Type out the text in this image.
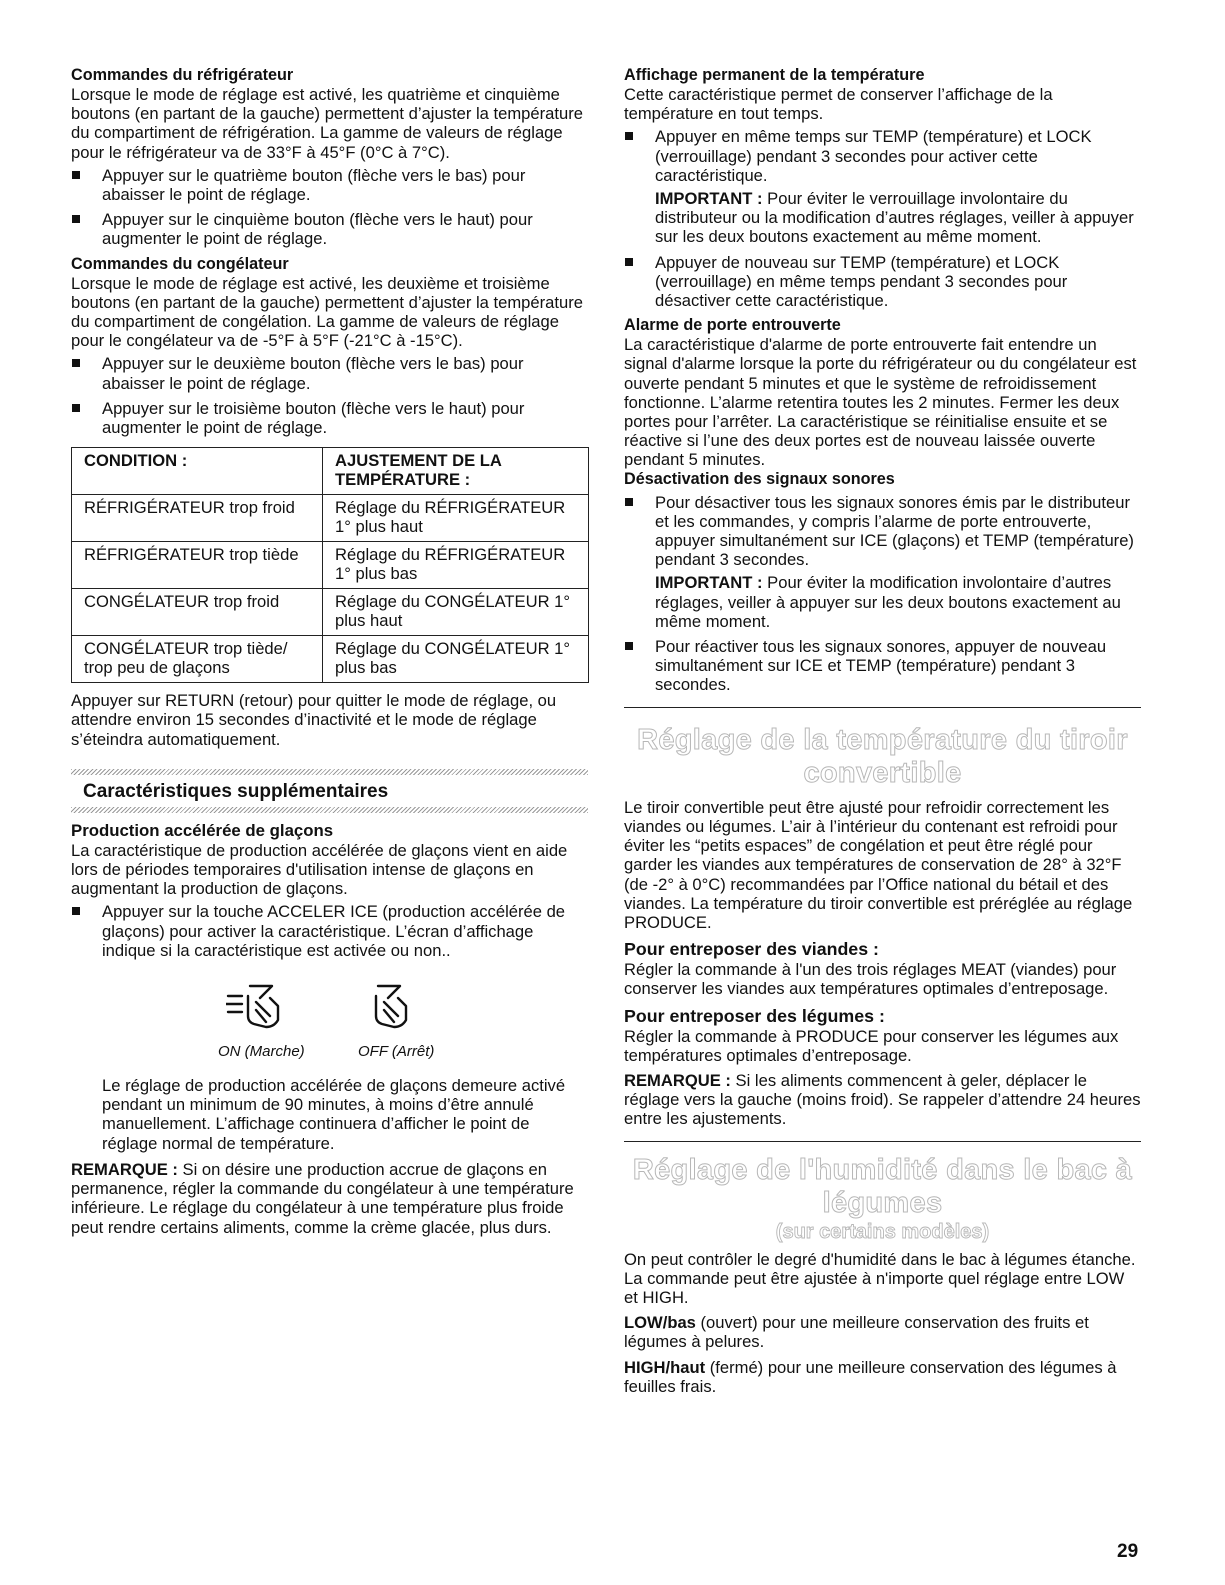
Commandes du réfrigérateur

Lorsque le mode de réglage est activé, les quatrième et cinquième boutons (en partant de la gauche) permettent d’ajuster la température du compartiment de réfrigération. La gamme de valeurs de réglage pour le réfrigérateur va de 33°F à 45°F (0°C à 7°C).

Appuyer sur le quatrième bouton (flèche vers le bas) pour abaisser le point de réglage.

Appuyer sur le cinquième bouton (flèche vers le haut) pour augmenter le point de réglage.

Commandes du congélateur

Lorsque le mode de réglage est activé, les deuxième et troisième boutons (en partant de la gauche) permettent d’ajuster la température du compartiment de congélation. La gamme de valeurs de réglage pour le congélateur va de -5°F à 5°F (-21°C à -15°C).

Appuyer sur le deuxième bouton (flèche vers le bas) pour abaisser le point de réglage.

Appuyer sur le troisième bouton (flèche vers le haut) pour augmenter le point de réglage.

CONDITION :	AJUSTEMENT DE LA TEMPÉRATURE :
RÉFRIGÉRATEUR trop froid	Réglage du RÉFRIGÉRATEUR 1° plus haut
RÉFRIGÉRATEUR trop tiède	Réglage du RÉFRIGÉRATEUR 1° plus bas
CONGÉLATEUR trop froid	Réglage du CONGÉLATEUR 1° plus haut
CONGÉLATEUR trop tiède/ trop peu de glaçons	Réglage du CONGÉLATEUR 1° plus bas

Appuyer sur RETURN (retour) pour quitter le mode de réglage, ou attendre environ 15 secondes d’inactivité et le mode de réglage s’éteindra automatiquement.

Caractéristiques supplémentaires
Production accélérée de glaçons

La caractéristique de production accélérée de glaçons vient en aide lors de périodes temporaires d'utilisation intense de glaçons en augmentant la production de glaçons.

Appuyer sur la touche ACCELER ICE (production accélérée de glaçons) pour activer la caractéristique. L’écran d’affichage indique si la caractéristique est activée ou non..

ON (Marche)	OFF (Arrêt)

Le réglage de production accélérée de glaçons demeure activé pendant un minimum de 90 minutes, à moins d’être annulé manuellement. L’affichage continuera d’afficher le point de réglage normal de température.

REMARQUE : Si on désire une production accrue de glaçons en permanence, régler la commande du congélateur à une température inférieure. Le réglage du congélateur à une température plus froide peut rendre certains aliments, comme la crème glacée, plus durs.

Affichage permanent de la température

Cette caractéristique permet de conserver l’affichage de la température en tout temps.

Appuyer en même temps sur TEMP (température) et LOCK (verrouillage) pendant 3 secondes pour activer cette caractéristique.

IMPORTANT : Pour éviter le verrouillage involontaire du distributeur ou la modification d’autres réglages, veiller à appuyer sur les deux boutons exactement au même moment.

Appuyer de nouveau sur TEMP (température) et LOCK (verrouillage) en même temps pendant 3 secondes pour désactiver cette caractéristique.

Alarme de porte entrouverte

La caractéristique d'alarme de porte entrouverte fait entendre un signal d'alarme lorsque la porte du réfrigérateur ou du congélateur est ouverte pendant 5 minutes et que le système de refroidissement fonctionne. L’alarme retentira toutes les 2 minutes. Fermer les deux portes pour l’arrêter. La caractéristique se réinitialise ensuite et se réactive si l’une des deux portes est de nouveau laissée ouverte pendant 5 minutes.

Désactivation des signaux sonores

Pour désactiver tous les signaux sonores émis par le distributeur et les commandes, y compris l’alarme de porte entrouverte, appuyer simultanément sur ICE (glaçons) et TEMP (température) pendant 3 secondes.

IMPORTANT : Pour éviter la modification involontaire d’autres réglages, veiller à appuyer sur les deux boutons exactement au même moment.

Pour réactiver tous les signaux sonores, appuyer de nouveau simultanément sur ICE et TEMP (température) pendant 3 secondes.

Réglage de la température du tiroir convertible

Le tiroir convertible peut être ajusté pour refroidir correctement les viandes ou légumes. L’air à l’intérieur du contenant est refroidi pour éviter les “petits espaces” de congélation et peut être réglé pour garder les viandes aux températures de conservation de 28° à 32°F (de -2° à 0°C) recommandées par l’Office national du bétail et des viandes. La température du tiroir convertible est préréglée au réglage PRODUCE.

Pour entreposer des viandes :

Régler la commande à l'un des trois réglages MEAT (viandes) pour conserver les viandes aux températures optimales d’entreposage.

Pour entreposer des légumes :

Régler la commande à PRODUCE pour conserver les légumes aux températures optimales d’entreposage.

REMARQUE : Si les aliments commencent à geler, déplacer le réglage vers la gauche (moins froid). Se rappeler d’attendre 24 heures entre les ajustements.

Réglage de l'humidité dans le bac à légumes
(sur certains modèles)

On peut contrôler le degré d'humidité dans le bac à légumes étanche. La commande peut être ajustée à n'importe quel réglage entre LOW et HIGH.

LOW/bas (ouvert) pour une meilleure conservation des fruits et légumes à pelures.

HIGH/haut (fermé) pour une meilleure conservation des légumes à feuilles frais.

29
